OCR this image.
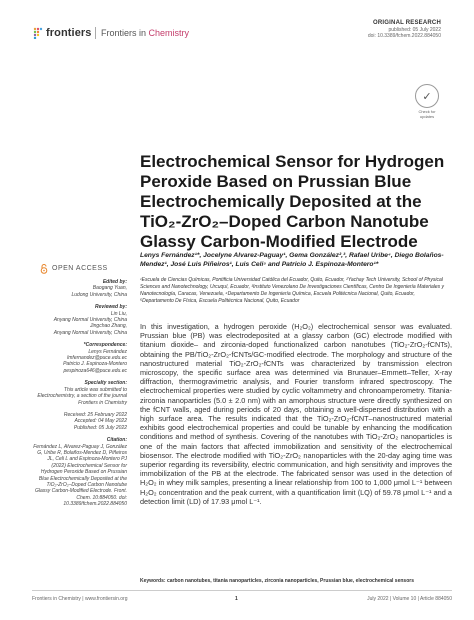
frontiers Frontiers in Chemistry
ORIGINAL RESEARCH
published: 05 July 2022
doi: 10.3389/fchem.2022.884050
✓
Check for updates
Electrochemical Sensor for Hydrogen Peroxide Based on Prussian Blue Electrochemically Deposited at the TiO₂-ZrO₂–Doped Carbon Nanotube Glassy Carbon-Modified Electrode
Lenys Fernández¹*, Jocelyne Alvarez-Paguay¹, Gema González²,³, Rafael Uribe⁴, Diego Bolaños-Mendez¹, José Luis Piñeiros¹, Luis Celi⁵ and Patricio J. Espinoza-Montero¹*
¹Escuela de Ciencias Químicas, Pontificia Universidad Católica del Ecuador, Quito, Ecuador, ²Yachay Tech University, School of Physical Sciences and Nanotechnology, Urcuquí, Ecuador, ³Instituto Venezolano De Investigaciones Científicas, Centro De Ingeniería Materiales y Nanotecnología, Caracas, Venezuela, ⁴Departamento De Ingeniería Química, Escuela Politécnica Nacional, Quito, Ecuador, ⁵Departamento De Física, Escuela Politécnica Nacional, Quito, Ecuador
OPEN ACCESS
Edited by:
Baogang Yuan,
Ludong University, China
Reviewed by:
Lin Liu,
Anyang Normal University, China
Jingchao Zhang,
Anyang Normal University, China
*Correspondence:
Lenys Fernández
lmfernandez@puce.edu.ec
Patricio J. Espinoza-Montero
pespinoza646@puce.edu.ec
Specialty section:
This article was submitted to Electrochemistry, a section of the journal Frontiers in Chemistry
Received: 25 February 2022
Accepted: 04 May 2022
Published: 05 July 2022
Citation:
Fernández L, Alvarez-Paguay J, González G, Uribe R, Bolaños-Mendez D, Piñeiros JL, Celi L and Espinoza-Montero PJ (2022) Electrochemical Sensor for Hydrogen Peroxide Based on Prussian Blue Electrochemically Deposited at the TiO₂-ZrO₂–Doped Carbon Nanotube Glassy Carbon-Modified Electrode. Front. Chem. 10:884050. doi: 10.3389/fchem.2022.884050

In this investigation, a hydrogen peroxide (H₂O₂) electrochemical sensor was evaluated. Prussian blue (PB) was electrodeposited at a glassy carbon (GC) electrode modified with titanium dioxide– and zirconia-doped functionalized carbon nanotubes (TiO₂-ZrO₂-fCNTs), obtaining the PB/TiO₂-ZrO₂-fCNTs/GC-modified electrode. The morphology and structure of the nanostructured material TiO₂-ZrO₂-fCNTs was characterized by transmission electron microscopy, the specific surface area was determined via Brunauer–Emmett–Teller, X-ray diffraction, thermogravimetric analysis, and Fourier transform infrared spectroscopy. The electrochemical properties were studied by cyclic voltammetry and chronoamperometry. Titania-zirconia nanoparticles (5.0 ± 2.0 nm) with an amorphous structure were directly synthesized on the fCNT walls, aged during periods of 20 days, obtaining a well-dispersed distribution with a high surface area. The results indicated that the TiO₂-ZrO₂-fCNT–nanostructured material exhibits good electrochemical properties and could be tunable by enhancing the modification conditions and method of synthesis. Covering of the nanotubes with TiO₂-ZrO₂ nanoparticles is one of the main factors that affected immobilization and sensitivity of the electrochemical biosensor. The electrode modified with TiO₂-ZrO₂ nanoparticles with the 20-day aging time was superior regarding its reversibility, electric communication, and high sensitivity and improves the immobilization of the PB at the electrode. The fabricated sensor was used in the detection of H₂O₂ in whey milk samples, presenting a linear relationship from 100 to 1,000 μmol L⁻¹ between H₂O₂ concentration and the peak current, with a quantification limit (LQ) of 59.78 μmol L⁻¹ and a detection limit (LD) of 17.93 μmol L⁻¹.

Keywords: carbon nanotubes, titania nanoparticles, zirconia nanoparticles, Prussian blue, electrochemical sensors
Frontiers in Chemistry | www.frontiersin.org	1	July 2022 | Volume 10 | Article 884050
